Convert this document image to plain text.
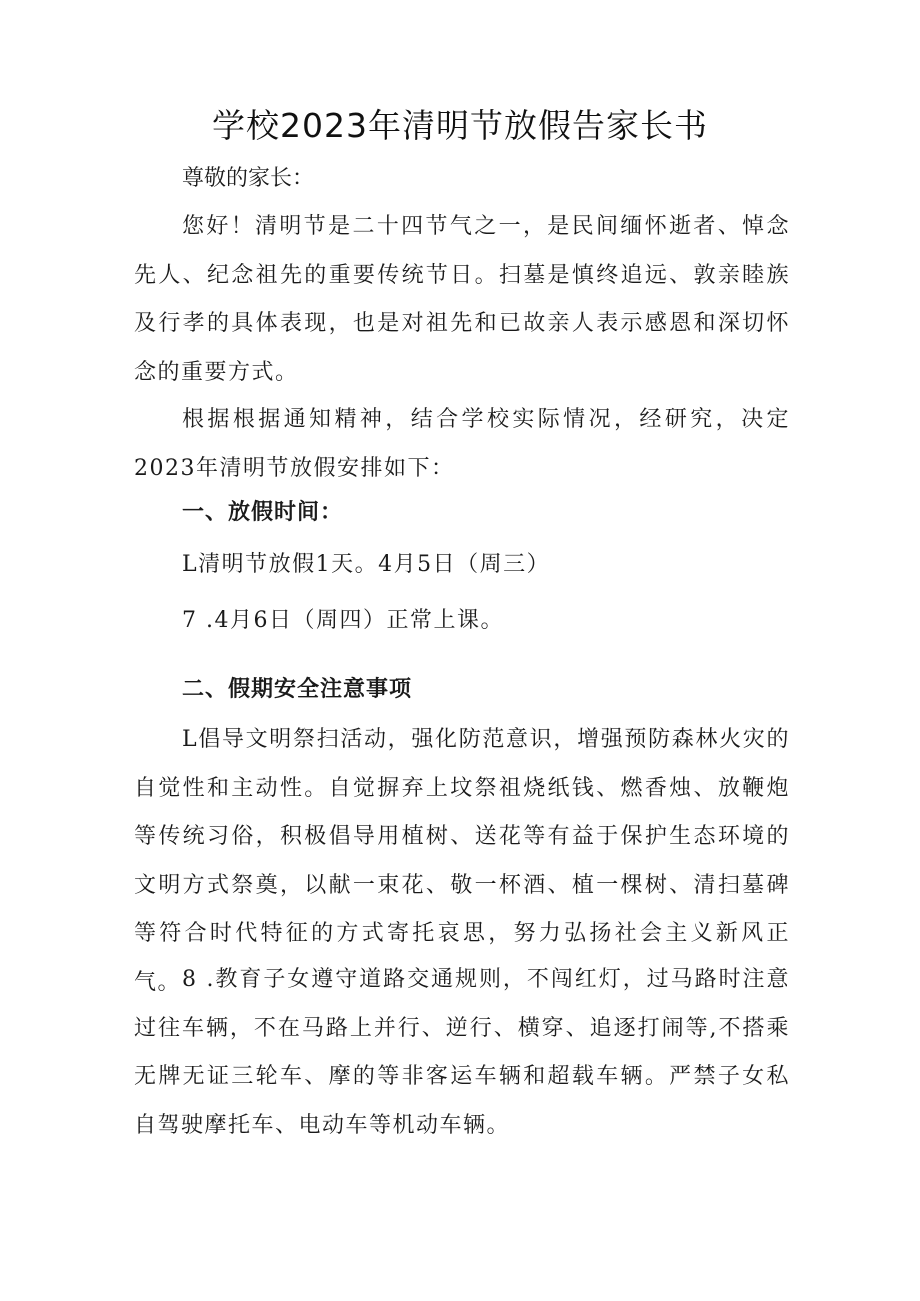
学校2023年清明节放假告家长书
尊敬的家长：

您好！清明节是二十四节气之一，是民间缅怀逝者、悼念先人、纪念祖先的重要传统节日。扫墓是慎终追远、敦亲睦族及行孝的具体表现，也是对祖先和已故亲人表示感恩和深切怀念的重要方式。

根据根据通知精神，结合学校实际情况，经研究，决定2023年清明节放假安排如下：

一、放假时间：
L清明节放假1天。4月5日（周三）
7 .4月6日（周四）正常上课。
二、假期安全注意事项

L倡导文明祭扫活动，强化防范意识，增强预防森林火灾的自觉性和主动性。自觉摒弃上坟祭祖烧纸钱、燃香烛、放鞭炮等传统习俗，积极倡导用植树、送花等有益于保护生态环境的文明方式祭奠，以献一束花、敬一杯酒、植一棵树、清扫墓碑等符合时代特征的方式寄托哀思，努力弘扬社会主义新风正气。 8 .教育子女遵守道路交通规则，不闯红灯，过马路时注意过往车辆，不在马路上并行、逆行、横穿、追逐打闹等,不搭乘无牌无证三轮车、摩的等非客运车辆和超载车辆。严禁子女私自驾驶摩托车、电动车等机动车辆。
